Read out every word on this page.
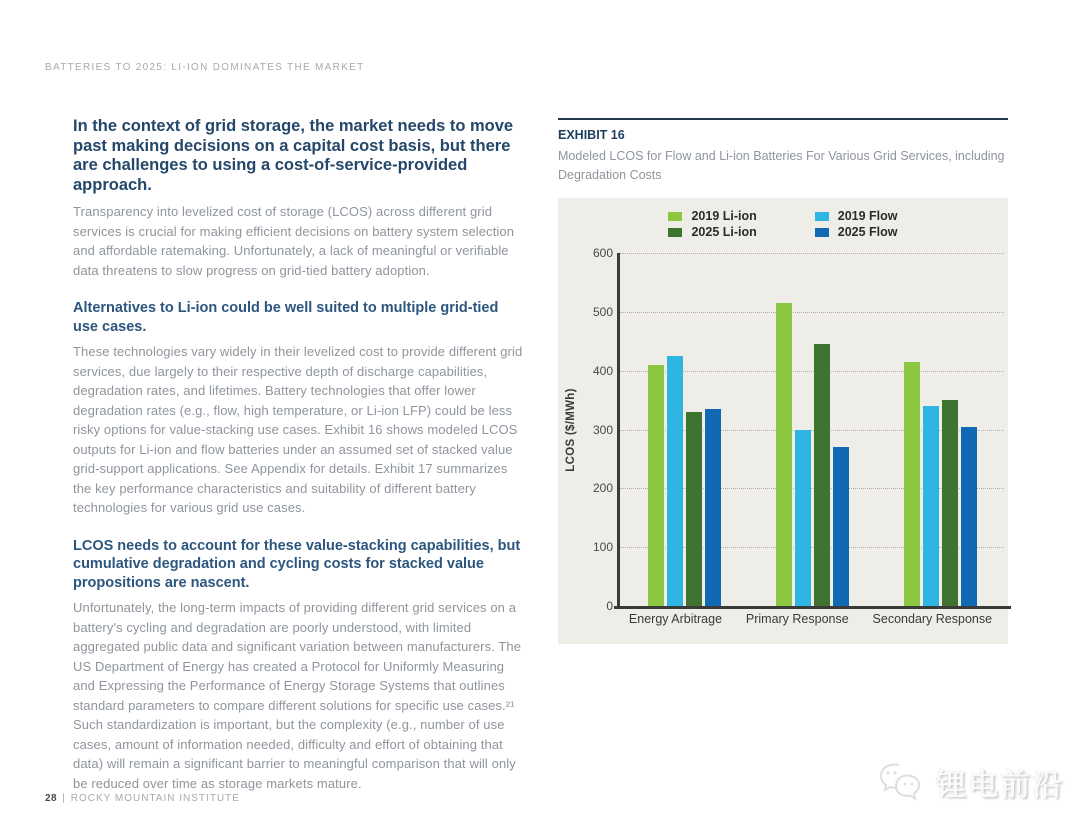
BATTERIES TO 2025: LI-ION DOMINATES THE MARKET

In the context of grid storage, the market needs to move past making decisions on a capital cost basis, but there are challenges to using a cost-of-service-provided approach.

Transparency into levelized cost of storage (LCOS) across different grid services is crucial for making efficient decisions on battery system selection and affordable ratemaking. Unfortunately, a lack of meaningful or verifiable data threatens to slow progress on grid-tied battery adoption.

Alternatives to Li-ion could be well suited to multiple grid-tied use cases.

These technologies vary widely in their levelized cost to provide different grid services, due largely to their respective depth of discharge capabilities, degradation rates, and lifetimes. Battery technologies that offer lower degradation rates (e.g., flow, high temperature, or Li-ion LFP) could be less risky options for value-stacking use cases. Exhibit 16 shows modeled LCOS outputs for Li-ion and flow batteries under an assumed set of stacked value grid-support applications. See Appendix for details. Exhibit 17 summarizes the key performance characteristics and suitability of different battery technologies for various grid use cases.

LCOS needs to account for these value-stacking capabilities, but cumulative degradation and cycling costs for stacked value propositions are nascent.

Unfortunately, the long-term impacts of providing different grid services on a battery's cycling and degradation are poorly understood, with limited aggregated public data and significant variation between manufacturers. The US Department of Energy has created a Protocol for Uniformly Measuring and Expressing the Performance of Energy Storage Systems that outlines standard parameters to compare different solutions for specific use cases.²¹ Such standardization is important, but the complexity (e.g., number of use cases, amount of information needed, difficulty and effort of obtaining that data) will remain a significant barrier to meaningful comparison that will only be reduced over time as storage markets mature.

EXHIBIT 16
Modeled LCOS for Flow and Li-ion Batteries For Various Grid Services, including Degradation Costs
2019 Li-ion	2019 Flow
2025 Li-ion	2025 Flow
LCOS ($/MWh)
0
100
200
300
400
500
600
Energy Arbitrage Primary Response Secondary Response
28 | ROCKY MOUNTAIN INSTITUTE	锂电前沿
